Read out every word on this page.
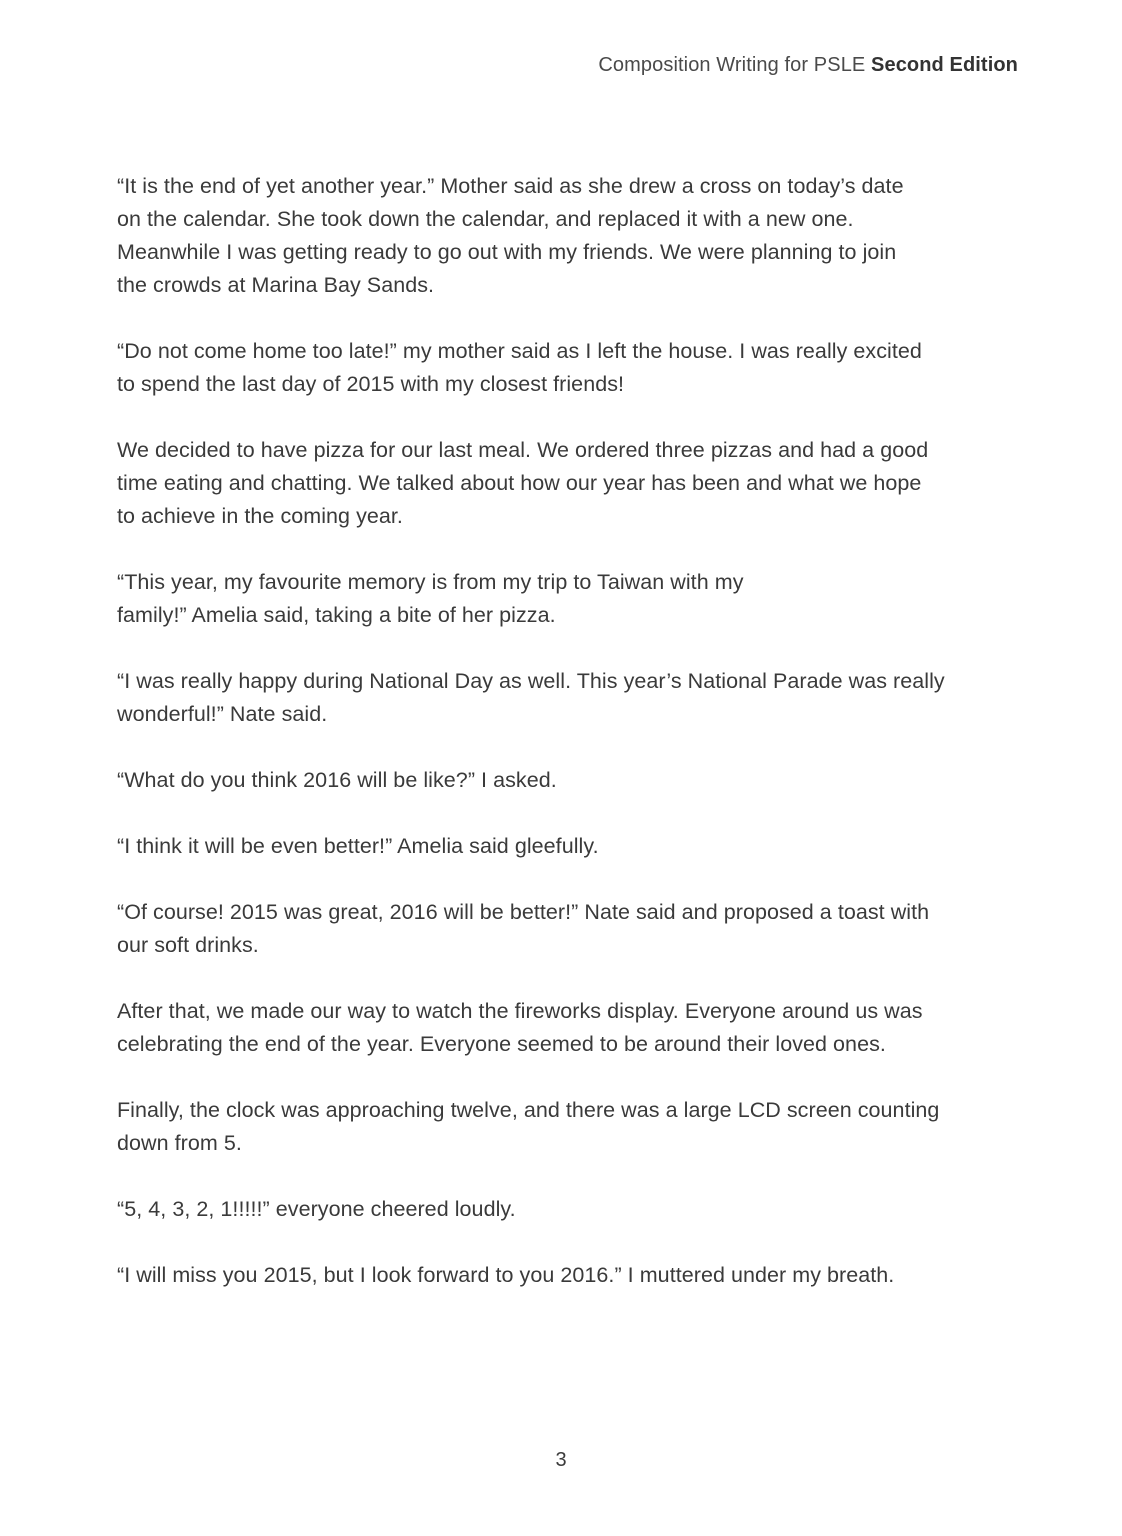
Composition Writing for PSLE Second Edition

“It is the end of yet another year.” Mother said as she drew a cross on today’s date
on the calendar. She took down the calendar, and replaced it with a new one.
Meanwhile I was getting ready to go out with my friends. We were planning to join
the crowds at Marina Bay Sands.

“Do not come home too late!” my mother said as I left the house. I was really excited
to spend the last day of 2015 with my closest friends!

We decided to have pizza for our last meal. We ordered three pizzas and had a good
time eating and chatting. We talked about how our year has been and what we hope
to achieve in the coming year.

“This year, my favourite memory is from my trip to Taiwan with my
family!” Amelia said, taking a bite of her pizza.

“I was really happy during National Day as well. This year’s National Parade was really
wonderful!” Nate said.

“What do you think 2016 will be like?” I asked.

“I think it will be even better!” Amelia said gleefully.

“Of course! 2015 was great, 2016 will be better!” Nate said and proposed a toast with
our soft drinks.

After that, we made our way to watch the fireworks display. Everyone around us was
celebrating the end of the year. Everyone seemed to be around their loved ones.

Finally, the clock was approaching twelve, and there was a large LCD screen counting
down from 5.

“5, 4, 3, 2, 1!!!!!” everyone cheered loudly.

“I will miss you 2015, but I look forward to you 2016.” I muttered under my breath.

3
